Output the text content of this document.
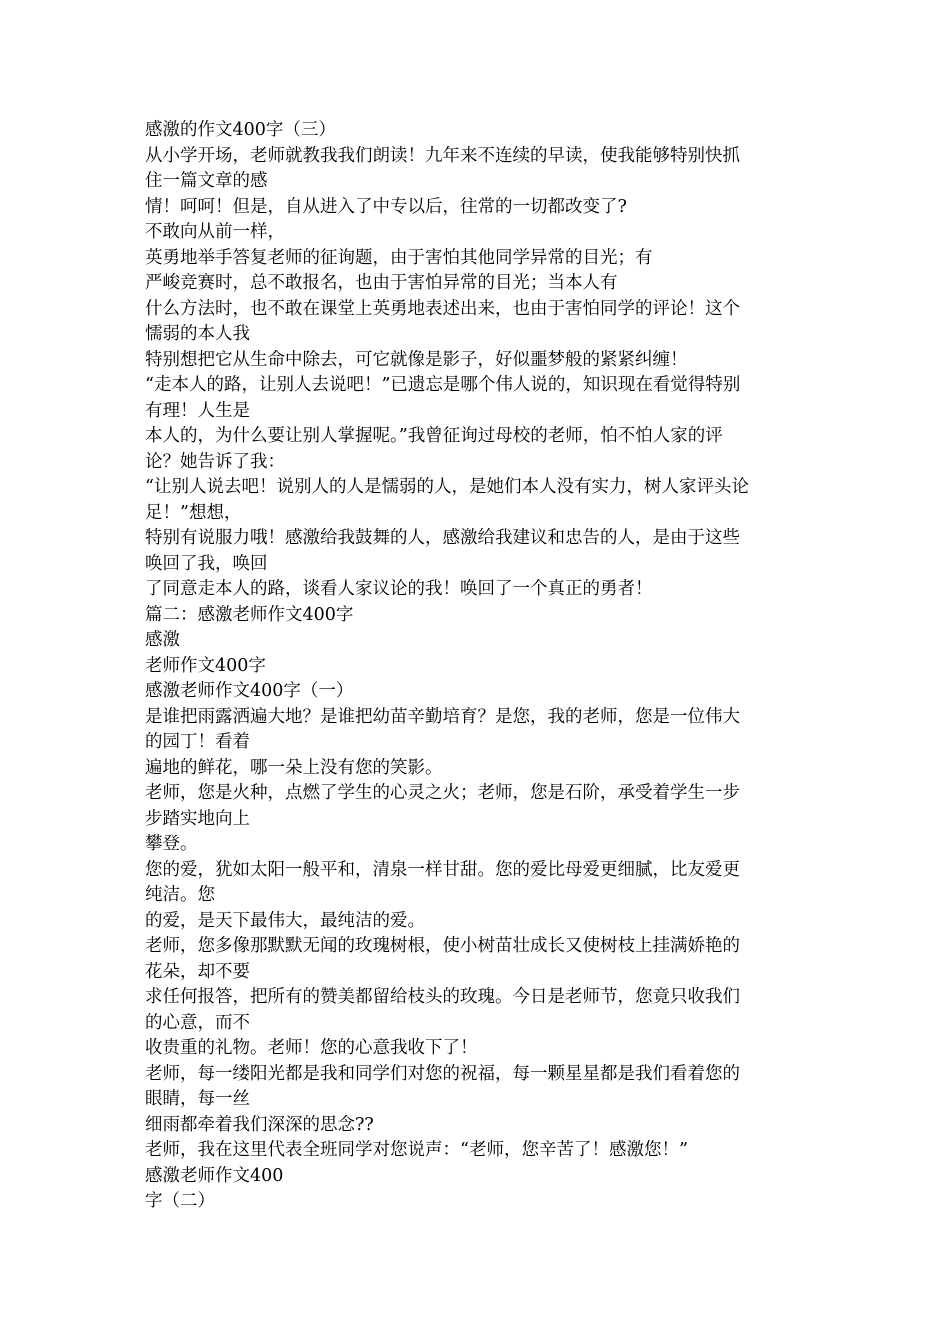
感激的作文400字（三）

从小学开场，老师就教我我们朗读！九年来不连续的早读，使我能够特别快抓

住一篇文章的感

情！呵呵！但是，自从进入了中专以后，往常的一切都改变了?

不敢向从前一样，

英勇地举手答复老师的征询题，由于害怕其他同学异常的目光；有

严峻竞赛时，总不敢报名，也由于害怕异常的目光；当本人有

什么方法时，也不敢在课堂上英勇地表述出来，也由于害怕同学的评论！这个

懦弱的本人我

特别想把它从生命中除去，可它就像是影子，好似噩梦般的紧紧纠缠！

“走本人的路，让别人去说吧！”已遗忘是哪个伟人说的，知识现在看觉得特别

有理！人生是

本人的，为什么要让别人掌握呢。”我曾征询过母校的老师，怕不怕人家的评

论？她告诉了我：

“让别人说去吧！说别人的人是懦弱的人，是她们本人没有实力，树人家评头论

足！”想想，

特别有说服力哦！感激给我鼓舞的人，感激给我建议和忠告的人，是由于这些

唤回了我，唤回

了同意走本人的路，谈看人家议论的我！唤回了一个真正的勇者！

篇二：感激老师作文400字

感激

老师作文400字

感激老师作文400字（一）

是谁把雨露洒遍大地？是谁把幼苗辛勤培育？是您，我的老师，您是一位伟大

的园丁！看着

遍地的鲜花，哪一朵上没有您的笑影。

老师，您是火种，点燃了学生的心灵之火；老师，您是石阶，承受着学生一步

步踏实地向上

攀登。

您的爱，犹如太阳一般平和，清泉一样甘甜。您的爱比母爱更细腻，比友爱更

纯洁。您

的爱，是天下最伟大，最纯洁的爱。

老师，您多像那默默无闻的玫瑰树根，使小树苗壮成长又使树枝上挂满娇艳的

花朵，却不要

求任何报答，把所有的赞美都留给枝头的玫瑰。今日是老师节，您竟只收我们

的心意，而不

收贵重的礼物。老师！您的心意我收下了！

老师，每一缕阳光都是我和同学们对您的祝福，每一颗星星都是我们看着您的

眼睛，每一丝

细雨都牵着我们深深的思念??

老师，我在这里代表全班同学对您说声：“老师，您辛苦了！感激您！”

感激老师作文400

字（二）
